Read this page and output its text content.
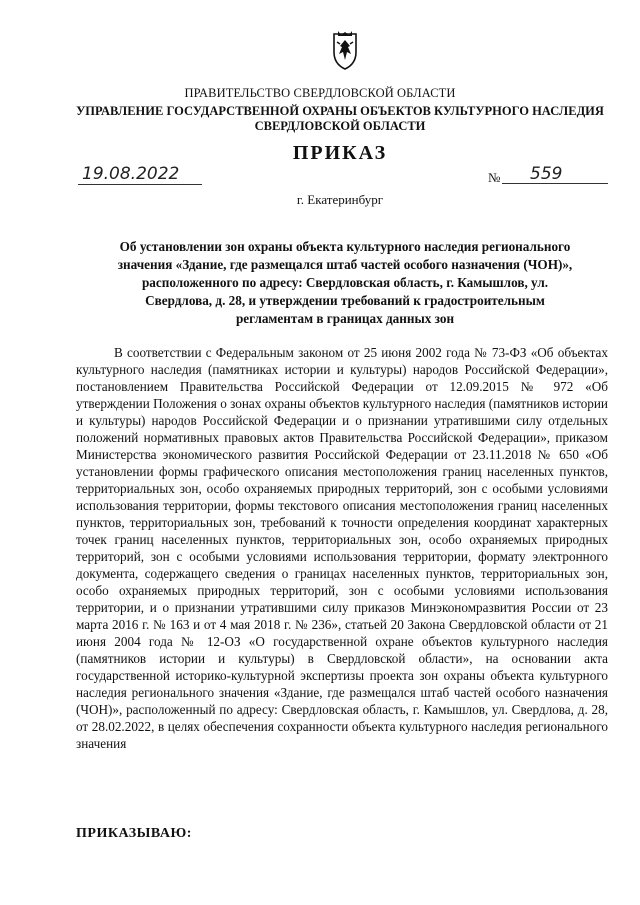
ПРАВИТЕЛЬСТВО СВЕРДЛОВСКОЙ ОБЛАСТИ
УПРАВЛЕНИЕ ГОСУДАРСТВЕННОЙ ОХРАНЫ ОБЪЕКТОВ КУЛЬТУРНОГО НАСЛЕДИЯ СВЕРДЛОВСКОЙ ОБЛАСТИ
ПРИКАЗ
19.08.2022	№	559
г. Екатеринбург
Об установлении зон охраны объекта культурного наследия регионального значения «Здание, где размещался штаб частей особого назначения (ЧОН)», расположенного по адресу: Свердловская область, г. Камышлов, ул. Свердлова, д. 28, и утверждении требований к градостроительным регламентам в границах данных зон

В соответствии с Федеральным законом от 25 июня 2002 года № 73-ФЗ «Об объектах культурного наследия (памятниках истории и культуры) народов Российской Федерации», постановлением Правительства Российской Федерации от 12.09.2015 № 972 «Об утверждении Положения о зонах охраны объектов культурного наследия (памятников истории и культуры) народов Российской Федерации и о признании утратившими силу отдельных положений нормативных правовых актов Правительства Российской Федерации», приказом Министерства экономического развития Российской Федерации от 23.11.2018 № 650 «Об установлении формы графического описания местоположения границ населенных пунктов, территориальных зон, особо охраняемых природных территорий, зон с особыми условиями использования территории, формы текстового описания местоположения границ населенных пунктов, территориальных зон, требований к точности определения координат характерных точек границ населенных пунктов, территориальных зон, особо охраняемых природных территорий, зон с особыми условиями использования территории, формату электронного документа, содержащего сведения о границах населенных пунктов, территориальных зон, особо охраняемых природных территорий, зон с особыми условиями использования территории, и о признании утратившими силу приказов Минэкономразвития России от 23 марта 2016 г. № 163 и от 4 мая 2018 г. № 236», статьей 20 Закона Свердловской области от 21 июня 2004 года № 12-ОЗ «О государственной охране объектов культурного наследия (памятников истории и культуры) в Свердловской области», на основании акта государственной историко-культурной экспертизы проекта зон охраны объекта культурного наследия регионального значения «Здание, где размещался штаб частей особого назначения (ЧОН)», расположенный по адресу: Свердловская область, г. Камышлов, ул. Свердлова, д. 28, от 28.02.2022, в целях обеспечения сохранности объекта культурного наследия регионального значения

ПРИКАЗЫВАЮ:
